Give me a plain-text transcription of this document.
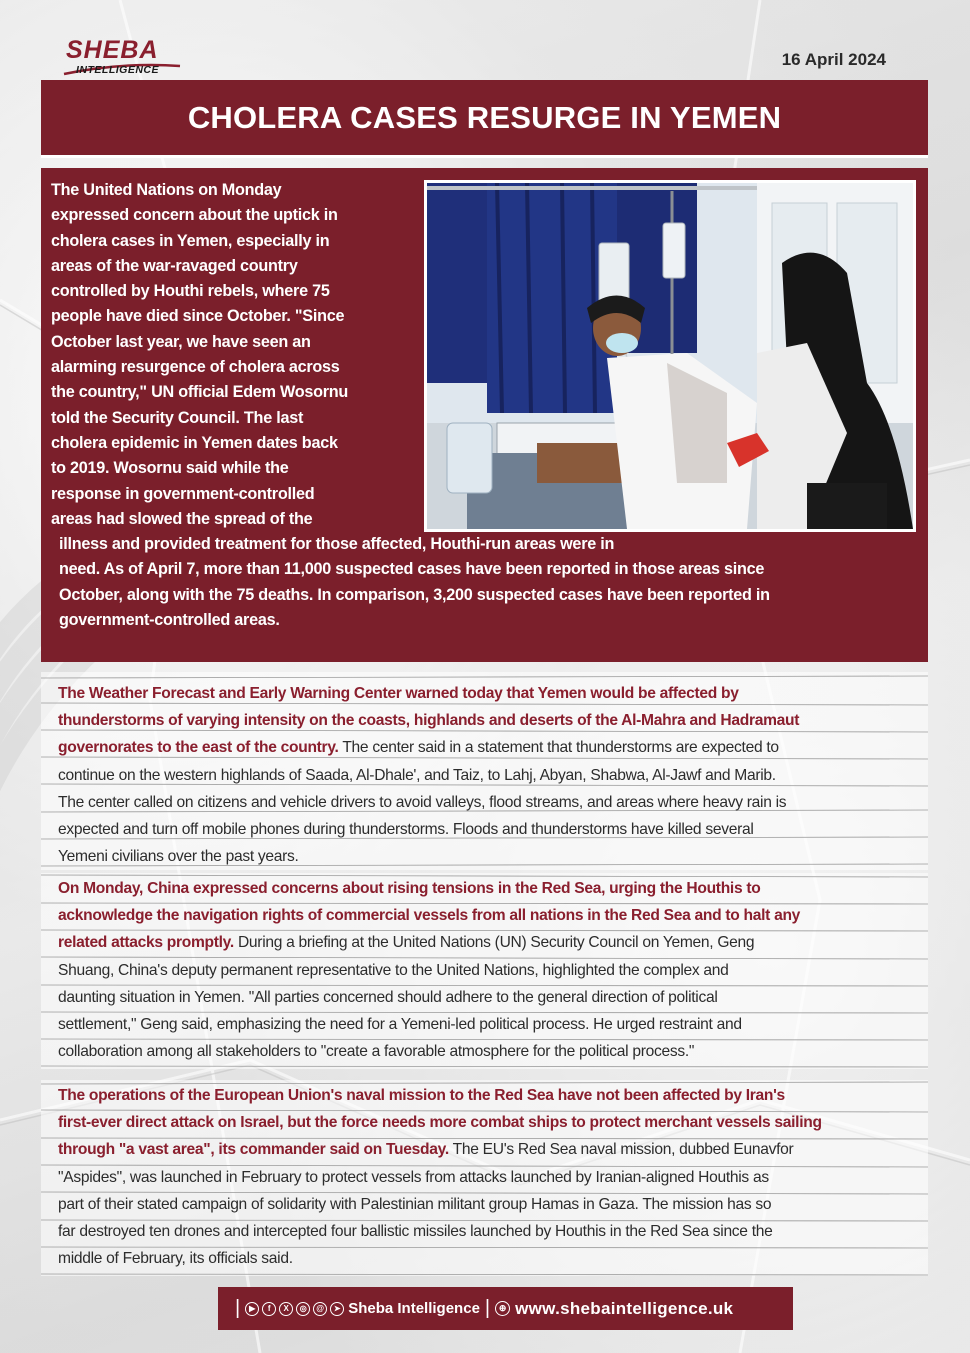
SHEBA
INTELLIGENCE
16 April 2024
CHOLERA CASES RESURGE IN YEMEN
The United Nations on Monday
expressed concern about the uptick in
cholera cases in Yemen, especially in
areas of the war-ravaged country
controlled by Houthi rebels, where 75
people have died since October. "Since
October last year, we have seen an
alarming resurgence of cholera across
the country," UN official Edem Wosornu
told the Security Council. The last
cholera epidemic in Yemen dates back
to 2019. Wosornu said while the
response in government-controlled
areas had slowed the spread of the
illness and provided treatment for those affected, Houthi-run areas were in
need. As of April 7, more than 11,000 suspected cases have been reported in those areas since
October, along with the 75 deaths. In comparison, 3,200 suspected cases have been reported in
government-controlled areas.
The Weather Forecast and Early Warning Center warned today that Yemen would be affected by
thunderstorms of varying intensity on the coasts, highlands and deserts of the Al-Mahra and Hadramaut
governorates to the east of the country. The center said in a statement that thunderstorms are expected to
continue on the western highlands of Saada, Al-Dhale', and Taiz, to Lahj, Abyan, Shabwa, Al-Jawf and Marib.
The center called on citizens and vehicle drivers to avoid valleys, flood streams, and areas where heavy rain is
expected and turn off mobile phones during thunderstorms. Floods and thunderstorms have killed several
Yemeni civilians over the past years.
On Monday, China expressed concerns about rising tensions in the Red Sea, urging the Houthis to
acknowledge the navigation rights of commercial vessels from all nations in the Red Sea and to halt any
related attacks promptly. During a briefing at the United Nations (UN) Security Council on Yemen, Geng
Shuang, China's deputy permanent representative to the United Nations, highlighted the complex and
daunting situation in Yemen. "All parties concerned should adhere to the general direction of political
settlement," Geng said, emphasizing the need for a Yemeni-led political process. He urged restraint and
collaboration among all stakeholders to "create a favorable atmosphere for the political process."
The operations of the European Union's naval mission to the Red Sea have not been affected by Iran's
first-ever direct attack on Israel, but the force needs more combat ships to protect merchant vessels sailing
through "a vast area", its commander said on Tuesday. The EU's Red Sea naval mission, dubbed Eunavfor
"Aspides", was launched in February to protect vessels from attacks launched by Iranian-aligned Houthis as
part of their stated campaign of solidarity with Palestinian militant group Hamas in Gaza. The mission has so
far destroyed ten drones and intercepted four ballistic missiles launched by Houthis in the Red Sea since the
middle of February, its officials said.
|	▶	f	X	◎	@	➤ Sheba Intelligence | ⊕ www.shebaintelligence.uk
